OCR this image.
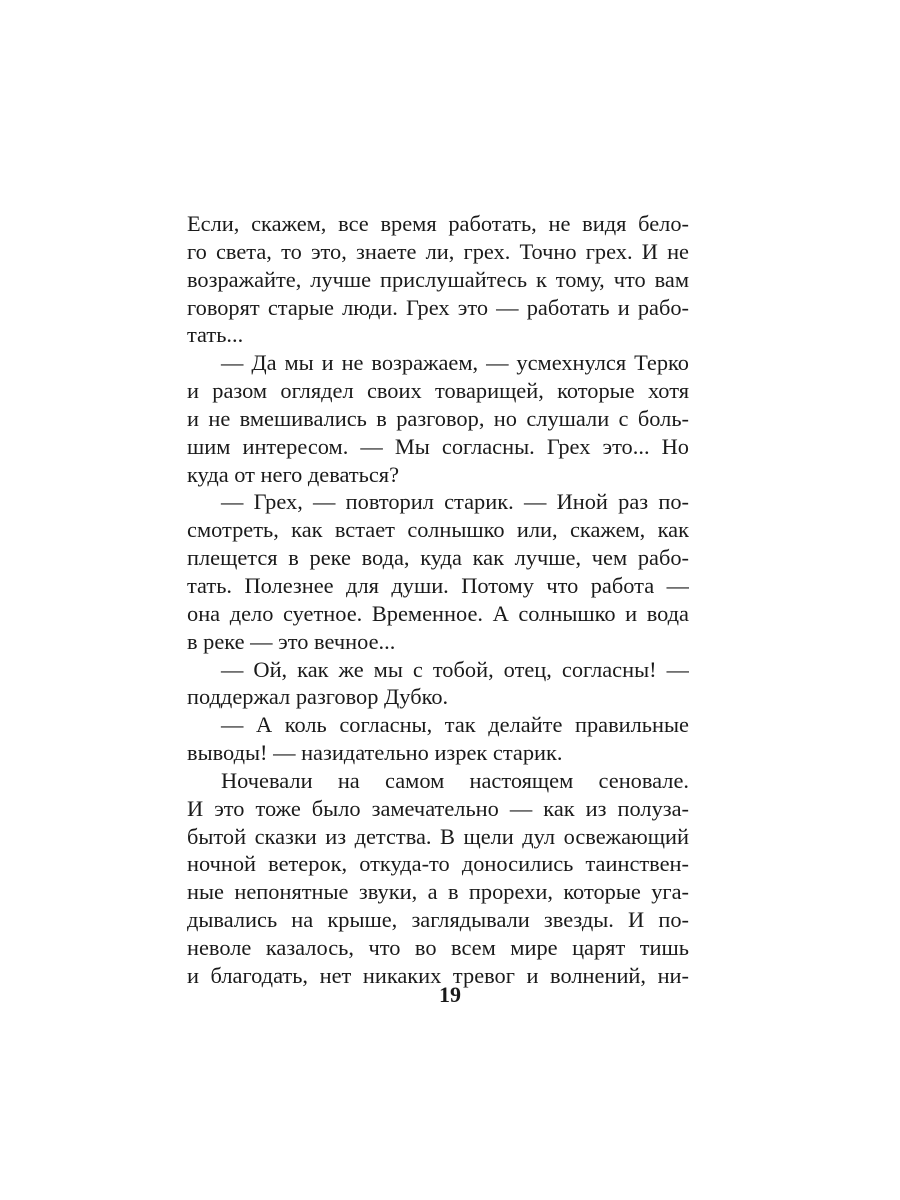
Если, скажем, все время работать, не видя бело-
го света, то это, знаете ли, грех. Точно грех. И не
возражайте, лучше прислушайтесь к тому, что вам
говорят старые люди. Грех это — работать и рабо-
тать...
— Да мы и не возражаем, — усмехнулся Терко
и разом оглядел своих товарищей, которые хотя
и не вмешивались в разговор, но слушали с боль-
шим интересом. — Мы согласны. Грех это... Но
куда от него деваться?
— Грех, — повторил старик. — Иной раз по-
смотреть, как встает солнышко или, скажем, как
плещется в реке вода, куда как лучше, чем рабо-
тать. Полезнее для души. Потому что работа —
она дело суетное. Временное. А солнышко и вода
в реке — это вечное...
— Ой, как же мы с тобой, отец, согласны! —
поддержал разговор Дубко.
— А коль согласны, так делайте правильные
выводы! — назидательно изрек старик.
Ночевали на самом настоящем сеновале.
И это тоже было замечательно — как из полуза-
бытой сказки из детства. В щели дул освежающий
ночной ветерок, откуда-то доносились таинствен-
ные непонятные звуки, а в прорехи, которые уга-
дывались на крыше, заглядывали звезды. И по-
неволе казалось, что во всем мире царят тишь
и благодать, нет никаких тревог и волнений, ни-
19
